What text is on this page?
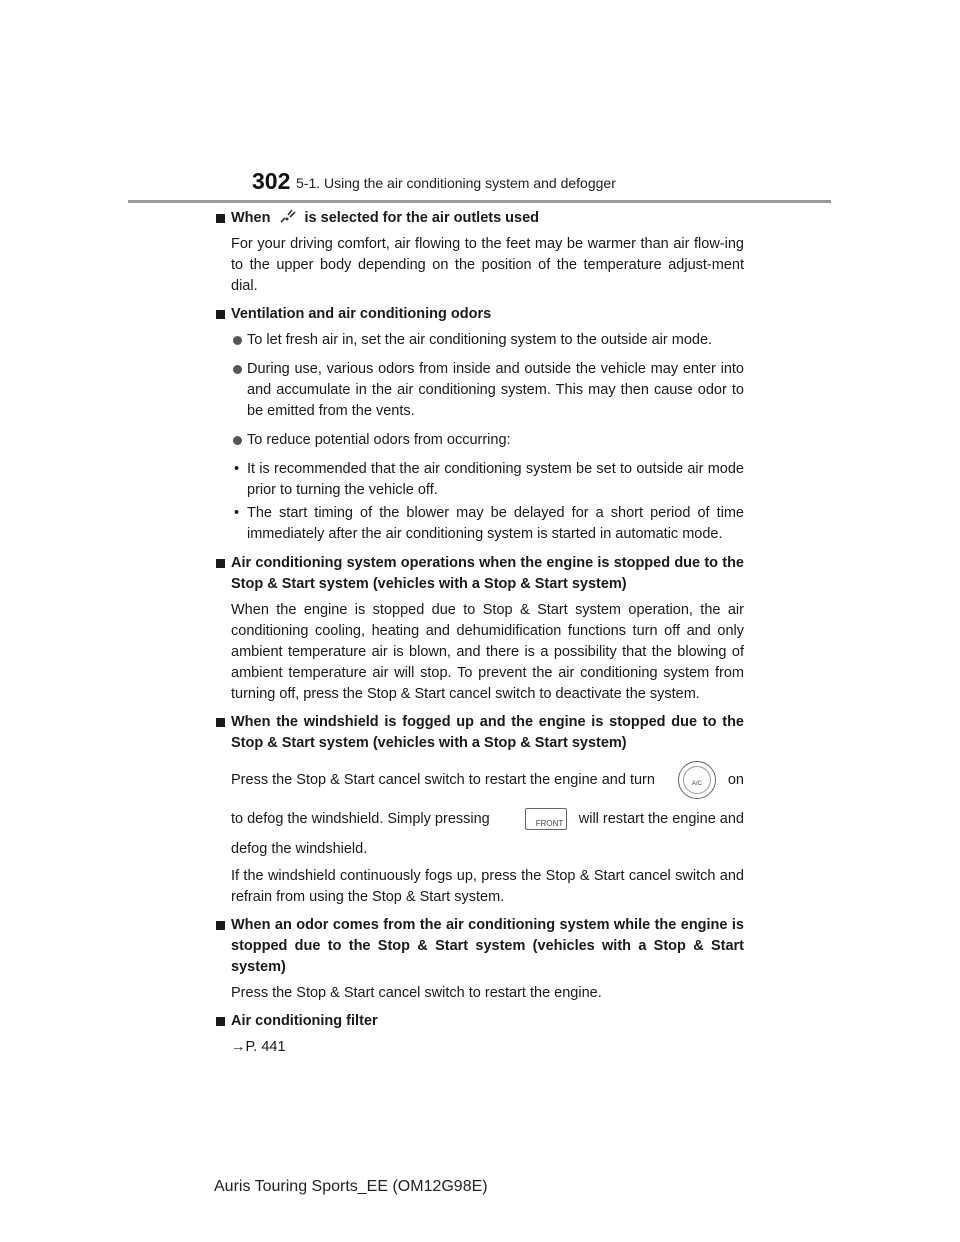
302 5-1. Using the air conditioning system and defogger
When is selected for the air outlets used

For your driving comfort, air flowing to the feet may be warmer than air flow-ing to the upper body depending on the position of the temperature adjust-ment dial.

Ventilation and air conditioning odors
To let fresh air in, set the air conditioning system to the outside air mode.
During use, various odors from inside and outside the vehicle may enter into and accumulate in the air conditioning system. This may then cause odor to be emitted from the vents.
To reduce potential odors from occurring:
• It is recommended that the air conditioning system be set to outside air mode prior to turning the vehicle off.
• The start timing of the blower may be delayed for a short period of time immediately after the air conditioning system is started in automatic mode.
Air conditioning system operations when the engine is stopped due to the Stop & Start system (vehicles with a Stop & Start system)

When the engine is stopped due to Stop & Start system operation, the air conditioning cooling, heating and dehumidification functions turn off and only ambient temperature air is blown, and there is a possibility that the blowing of ambient temperature air will stop. To prevent the air conditioning system from turning off, press the Stop & Start cancel switch to deactivate the system.

When the windshield is fogged up and the engine is stopped due to the Stop & Start system (vehicles with a Stop & Start system)
Press the Stop & Start cancel switch to restart the engine and turn	A/C	on
to defog the windshield. Simply pressing	FRONT will restart the engine and

defog the windshield.

If the windshield continuously fogs up, press the Stop & Start cancel switch and refrain from using the Stop & Start system.

When an odor comes from the air conditioning system while the engine is stopped due to the Stop & Start system (vehicles with a Stop & Start system)

Press the Stop & Start cancel switch to restart the engine.

Air conditioning filter

→P. 441

Auris Touring Sports_EE (OM12G98E)
